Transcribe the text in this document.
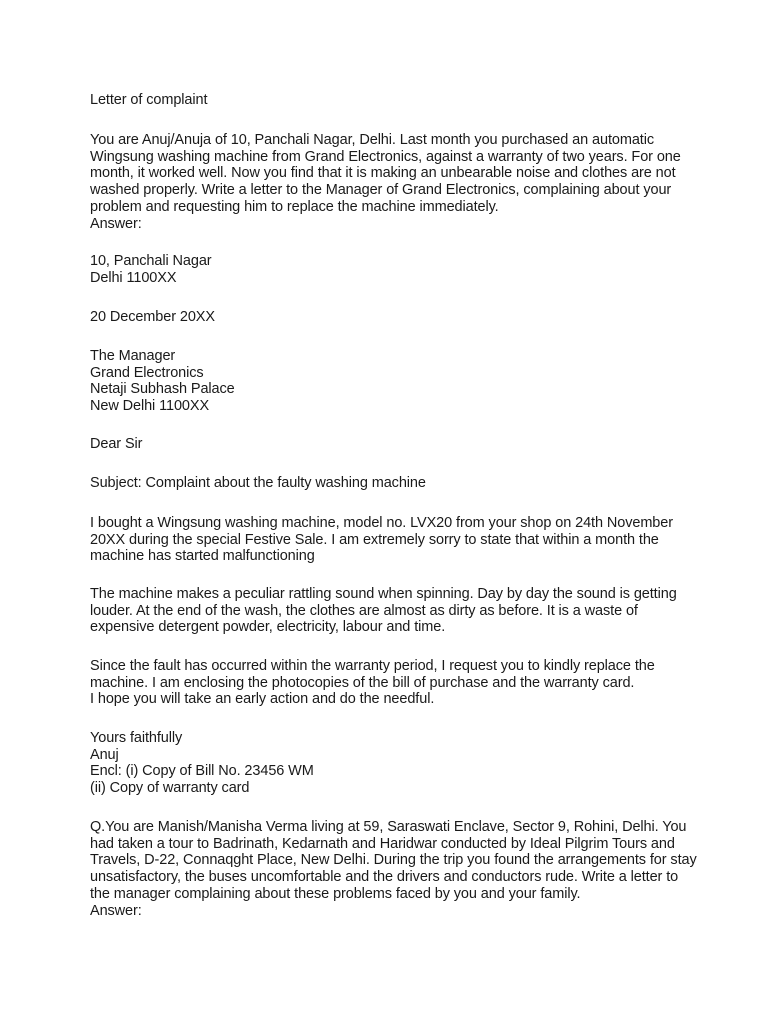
Letter of complaint
You are Anuj/Anuja of 10, Panchali Nagar, Delhi. Last month you purchased an automatic
Wingsung washing machine from Grand Electronics, against a warranty of two years. For one
month, it worked well. Now you find that it is making an unbearable noise and clothes are not
washed properly. Write a letter to the Manager of Grand Electronics, complaining about your
problem and requesting him to replace the machine immediately.
Answer:
10, Panchali Nagar
Delhi 1100XX
20 December 20XX
The Manager
Grand Electronics
Netaji Subhash Palace
New Delhi 1100XX
Dear Sir
Subject: Complaint about the faulty washing machine
I bought a Wingsung washing machine, model no. LVX20 from your shop on 24th November
20XX during the special Festive Sale. I am extremely sorry to state that within a month the
machine has started malfunctioning
The machine makes a peculiar rattling sound when spinning. Day by day the sound is getting
louder. At the end of the wash, the clothes are almost as dirty as before. It is a waste of
expensive detergent powder, electricity, labour and time.
Since the fault has occurred within the warranty period, I request you to kindly replace the
machine. I am enclosing the photocopies of the bill of purchase and the warranty card.
I hope you will take an early action and do the needful.
Yours faithfully
Anuj
Encl: (i) Copy of Bill No. 23456 WM
(ii) Copy of warranty card
Q.You are Manish/Manisha Verma living at 59, Saraswati Enclave, Sector 9, Rohini, Delhi. You
had taken a tour to Badrinath, Kedarnath and Haridwar conducted by Ideal Pilgrim Tours and
Travels, D-22, Connaqght Place, New Delhi. During the trip you found the arrangements for stay
unsatisfactory, the buses uncomfortable and the drivers and conductors rude. Write a letter to
the manager complaining about these problems faced by you and your family.
Answer:
